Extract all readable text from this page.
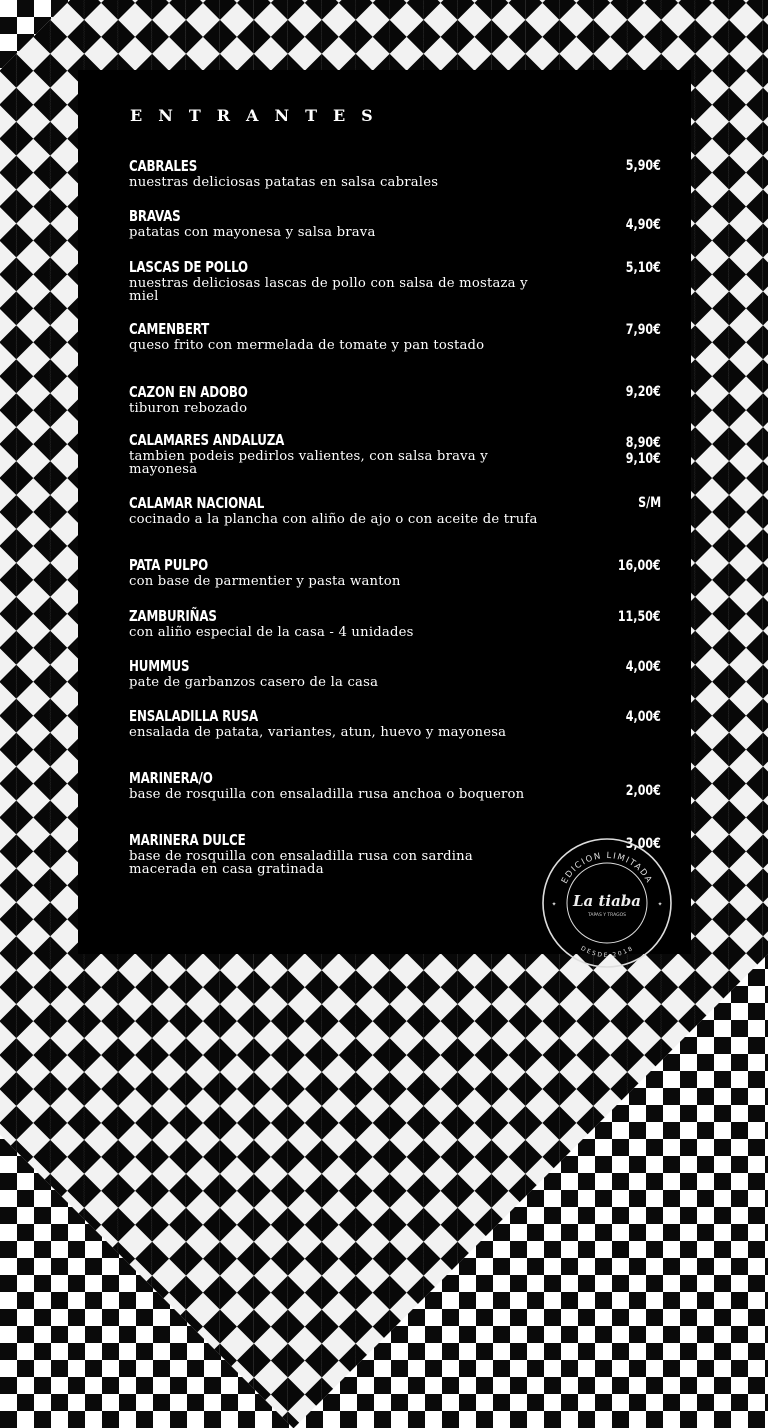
ENTRANTES
CABRALES
nuestras deliciosas patatas en salsa cabrales
5,90€
BRAVAS
patatas con mayonesa y salsa brava	4,90€
LASCAS DE POLLO
nuestras deliciosas lascas de pollo con salsa de mostaza y miel
5,10€
CAMENBERT
queso frito con mermelada de tomate y pan tostado
7,90€
CAZON EN ADOBO
tiburon rebozado
9,20€
CALAMARES ANDALUZA
tambien podeis pedirlos valientes, con salsa brava y mayonesa
8,90€
9,10€
CALAMAR NACIONAL
cocinado a la plancha con aliño de ajo o con aceite de trufa
S/M
PATA PULPO
con base de parmentier y pasta wanton
16,00€
ZAMBURIÑAS
con aliño especial de la casa - 4 unidades
11,50€
HUMMUS
pate de garbanzos casero de la casa
4,00€
ENSALADILLA RUSA
ensalada de patata, variantes, atun, huevo y mayonesa
4,00€
MARINERA/O
base de rosquilla con ensaladilla rusa anchoa o boqueron	2,00€
MARINERA DULCE
base de rosquilla con ensaladilla rusa con sardina macerada en casa gratinada
3,00€
EDICION LIMITADA
DESDE 2018
La tiaba
TAPAS Y TRAGOS
✦	✦
